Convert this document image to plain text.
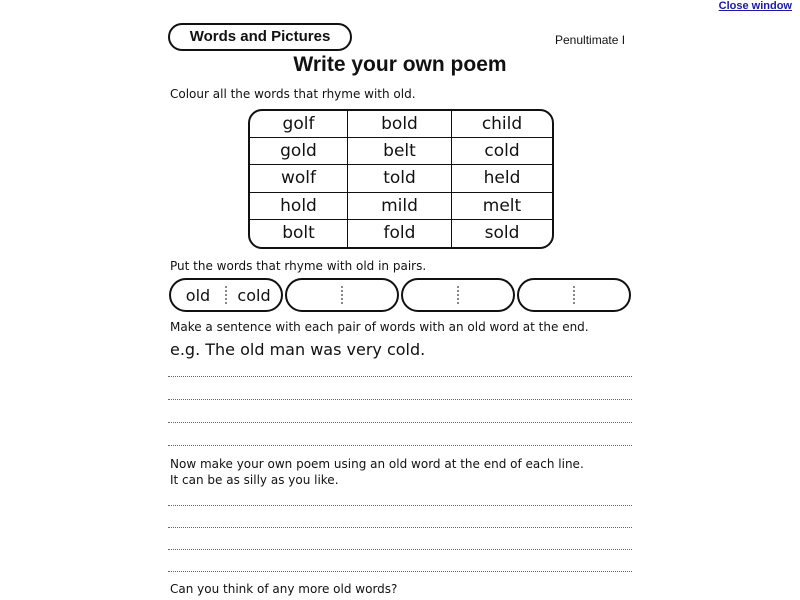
Close window
Words and Pictures	Penultimate I
Write your own poem
Colour all the words that rhyme with old.
golf	bold	child
gold	belt	cold
wolf	told	held
hold	mild	melt
bolt	fold	sold
Put the words that rhyme with old in pairs.
old	cold
Make a sentence with each pair of words with an old word at the end.
e.g. The old man was very cold.
Now make your own poem using an old word at the end of each line.
It can be as silly as you like.
Can you think of any more old words?
